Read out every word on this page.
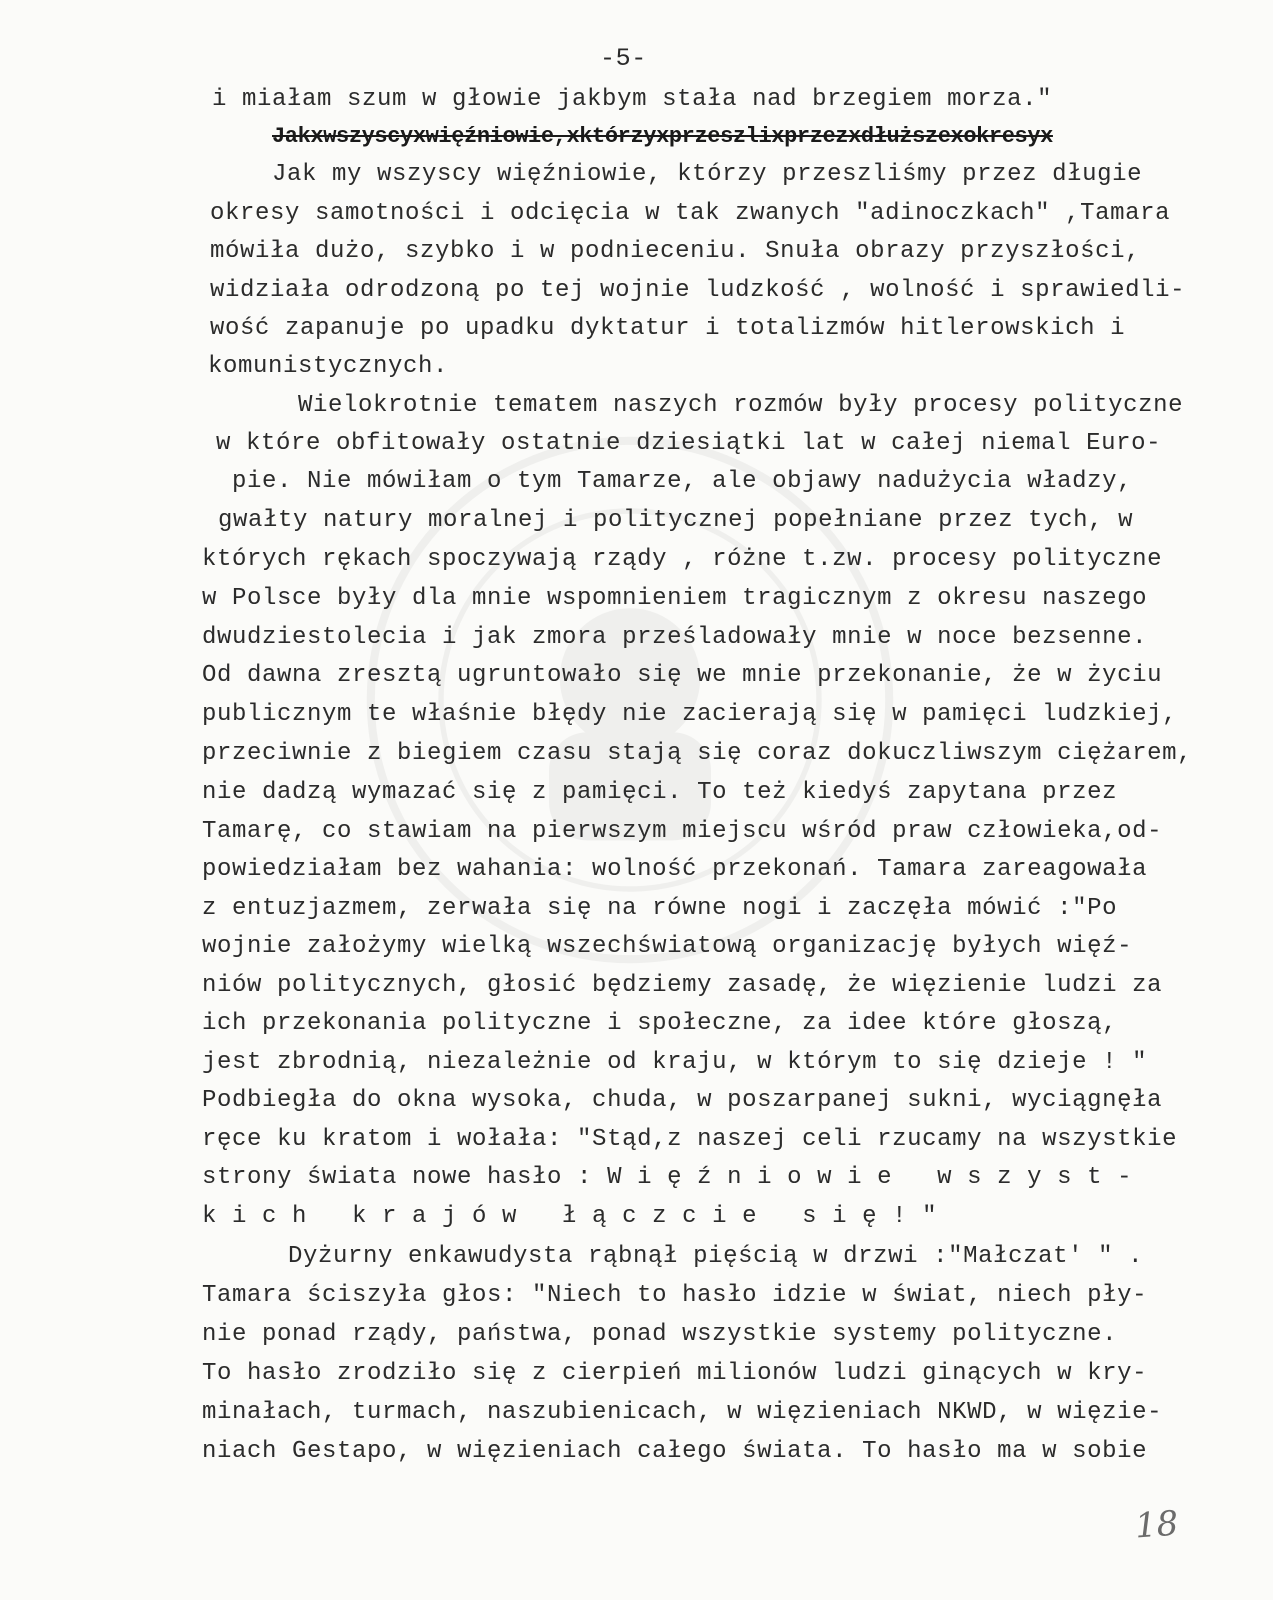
-5-
i miałam szum w głowie jakbym stała nad brzegiem morza."
Jakxwszyscyxwięźniowie,xktórzyxprzeszlixprzezxdłuższexokresyx
Jak my wszyscy więźniowie, którzy przeszliśmy przez długie
okresy samotności i odcięcia w tak zwanych "adinoczkach" ,Tamara
mówiła dużo, szybko i w podnieceniu. Snuła obrazy przyszłości,
widziała odrodzoną po tej wojnie ludzkość , wolność i sprawiedli-
wość zapanuje po upadku dyktatur i totalizmów hitlerowskich i
komunistycznych.
Wielokrotnie tematem naszych rozmów były procesy polityczne
w które obfitowały ostatnie dziesiątki lat w całej niemal Euro-
pie. Nie mówiłam o tym Tamarze, ale objawy nadużycia władzy,
gwałty natury moralnej i politycznej popełniane przez tych, w
których rękach spoczywają rządy , różne t.zw. procesy polityczne
w Polsce były dla mnie wspomnieniem tragicznym z okresu naszego
dwudziestolecia i jak zmora prześladowały mnie w noce bezsenne.
Od dawna zresztą ugruntowało się we mnie przekonanie, że w życiu
publicznym te właśnie błędy nie zacierają się w pamięci ludzkiej,
przeciwnie z biegiem czasu stają się coraz dokuczliwszym ciężarem,
nie dadzą wymazać się z pamięci. To też kiedyś zapytana przez
Tamarę, co stawiam na pierwszym miejscu wśród praw człowieka,od-
powiedziałam bez wahania: wolność przekonań. Tamara zareagowała
z entuzjazmem, zerwała się na równe nogi i zaczęła mówić :"Po
wojnie założymy wielką wszechświatową organizację byłych więź-
niów politycznych, głosić będziemy zasadę, że więzienie ludzi za
ich przekonania polityczne i społeczne, za idee które głoszą,
jest zbrodnią, niezależnie od kraju, w którym to się dzieje ! "
Podbiegła do okna wysoka, chuda, w poszarpanej sukni, wyciągnęła
ręce ku kratom i wołała: "Stąd,z naszej celi rzucamy na wszystkie
strony świata nowe hasło : W i ę ź n i o w i e   w s z y s t -
k i c h   k r a j ó w   ł ą c z c i e   s i ę ! "
Dyżurny enkawudysta rąbnął pięścią w drzwi :"Małczat' " .
Tamara ściszyła głos: "Niech to hasło idzie w świat, niech pły-
nie ponad rządy, państwa, ponad wszystkie systemy polityczne.
To hasło zrodziło się z cierpień milionów ludzi ginących w kry-
minałach, turmach, naszubienicach, w więzieniach NKWD, w więzie-
niach Gestapo, w więzieniach całego świata. To hasło ma w sobie
18
